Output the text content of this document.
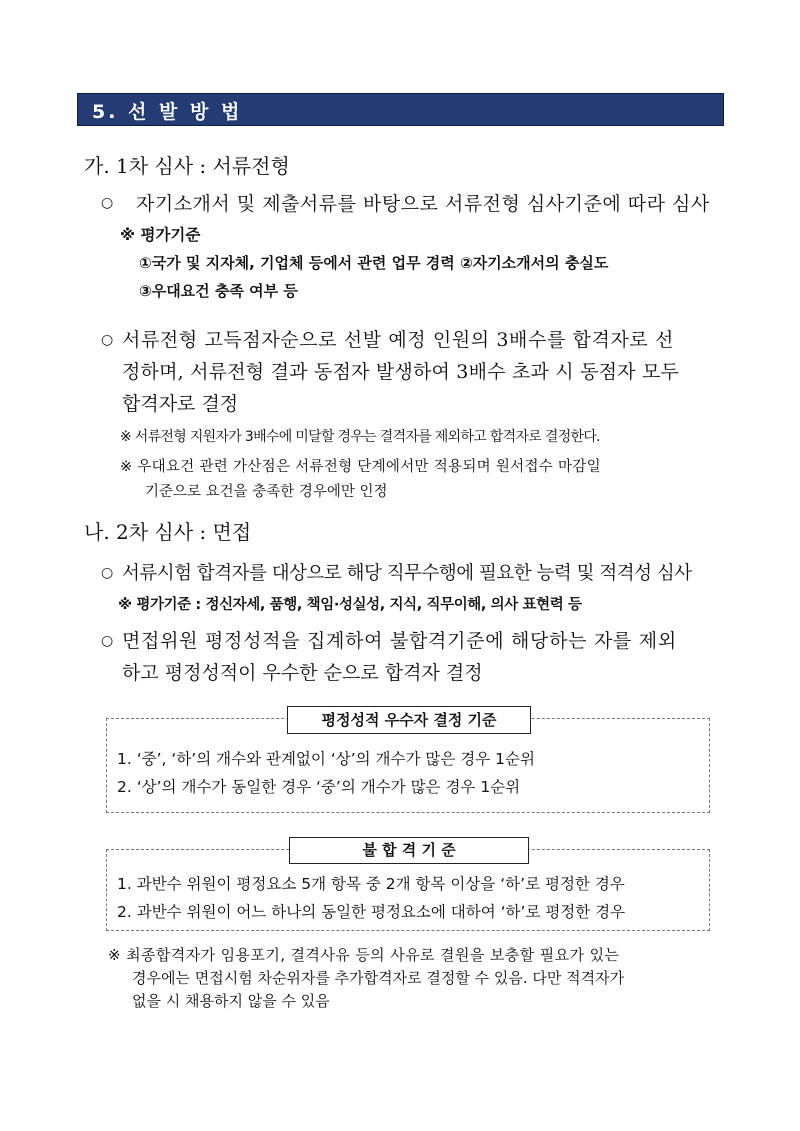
5. 선 발 방 법
가. 1차 심사 : 서류전형
○ 자기소개서 및 제출서류를 바탕으로 서류전형 심사기준에 따라 심사
※ 평가기준
①국가 및 지자체, 기업체 등에서 관련 업무 경력 ②자기소개서의 충실도
③우대요건 충족 여부 등
○ 서류전형 고득점자순으로 선발 예정 인원의 3배수를 합격자로 선
정하며, 서류전형 결과 동점자 발생하여 3배수 초과 시 동점자 모두
합격자로 결정
※ 서류전형 지원자가 3배수에 미달할 경우는 결격자를 제외하고 합격자로 결정한다.
※ 우대요건 관련 가산점은 서류전형 단계에서만 적용되며 원서접수 마감일
기준으로 요건을 충족한 경우에만 인정
나. 2차 심사 : 면접
○ 서류시험 합격자를 대상으로 해당 직무수행에 필요한 능력 및 적격성 심사
※ 평가기준 : 정신자세, 품행, 책임·성실성, 지식, 직무이해, 의사 표현력 등
○ 면접위원 평정성적을 집계하여 불합격기준에 해당하는 자를 제외
하고 평정성적이 우수한 순으로 합격자 결정
1. ‘중’, ‘하’의 개수와 관계없이 ‘상’의 개수가 많은 경우 1순위
2. ‘상’의 개수가 동일한 경우 ‘중’의 개수가 많은 경우 1순위
평정성적 우수자 결정 기준
1. 과반수 위원이 평정요소 5개 항목 중 2개 항목 이상을 ‘하’로 평정한 경우
2. 과반수 위원이 어느 하나의 동일한 평정요소에 대하여 ‘하’로 평정한 경우
불 합 격 기 준
※ 최종합격자가 임용포기, 결격사유 등의 사유로 결원을 보충할 필요가 있는
경우에는 면접시험 차순위자를 추가합격자로 결정할 수 있음. 다만 적격자가
없을 시 채용하지 않을 수 있음
